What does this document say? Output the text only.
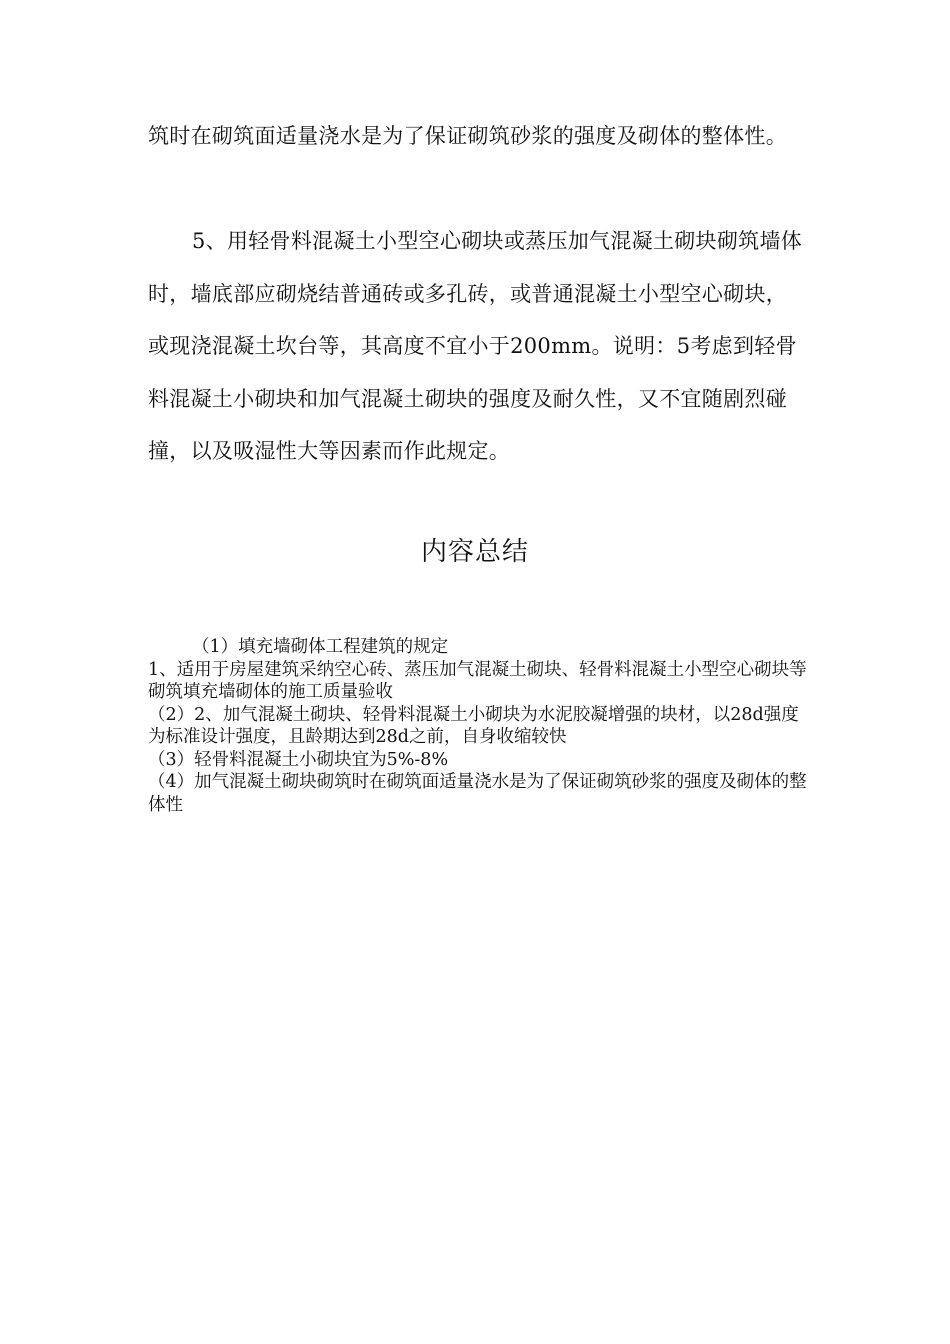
筑时在砌筑面适量浇水是为了保证砌筑砂浆的强度及砌体的整体性。

5、用轻骨料混凝土小型空心砌块或蒸压加气混凝土砌块砌筑墙体时，墙底部应砌烧结普通砖或多孔砖，或普通混凝土小型空心砌块，或现浇混凝土坎台等，其高度不宜小于200mm。说明：5考虑到轻骨料混凝土小砌块和加气混凝土砌块的强度及耐久性，又不宜随剧烈碰撞，以及吸湿性大等因素而作此规定。

内容总结

（1）填充墙砌体工程建筑的规定

1、适用于房屋建筑采纳空心砖、蒸压加气混凝土砌块、轻骨料混凝土小型空心砌块等砌筑填充墙砌体的施工质量验收

（2）2、加气混凝土砌块、轻骨料混凝土小砌块为水泥胶凝增强的块材，以28d强度为标准设计强度，且龄期达到28d之前，自身收缩较快

（3）轻骨料混凝土小砌块宜为5%-8%

（4）加气混凝土砌块砌筑时在砌筑面适量浇水是为了保证砌筑砂浆的强度及砌体的整体性
